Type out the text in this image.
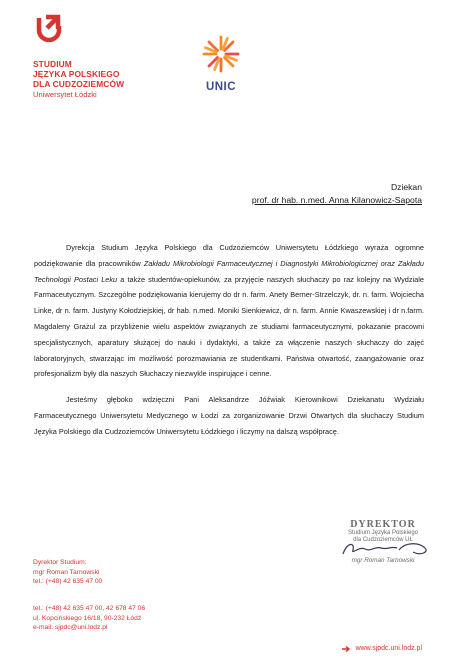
STUDIUM
JĘZYKA POLSKIEGO
DLA CUDZOZIEMCÓW
Uniwersytet Łódzki
UNIC
Dziekan
prof. dr hab. n.med. Anna Kilanowicz-Sapota

Dyrekcja Studium Języka Polskiego dla Cudzoziemców Uniwersytetu Łódzkiego wyraża ogromne podziękowanie dla pracowników Zakładu Mikrobiologii Farmaceutycznej i Diagnostyki Mikrobiologicznej oraz Zakładu Technologii Postaci Leku a także studentów-opiekunów, za przyjęcie naszych słuchaczy po raz kolejny na Wydziale Farmaceutycznym. Szczególne podziękowania kierujemy do dr n. farm. Anety Berner-Strzelczyk, dr. n. farm. Wojciecha Linke, dr n. farm. Justyny Kołodziejskiej, dr hab. n.med. Moniki Sienkiewicz, dr n. farm. Annie Kwaszewskiej i dr n.farm. Magdaleny Grażul za przybliżenie wielu aspektów związanych ze studiami farmaceutycznymi, pokazanie pracowni specjalistycznych, aparatury służącej do nauki i dydaktyki, a także za włączenie naszych słuchaczy do zajęć laboratoryjnych, stwarzając im możliwość porozmawiania ze studentkami. Państwa otwartość, zaangażowanie oraz profesjonalizm były dla naszych Słuchaczy niezwykle inspirujące i cenne.

Jesteśmy głęboko wdzięczni Pani Aleksandrze Jóźwiak Kierownikowi Dziekanatu Wydziału Farmaceutycznego Uniwersytetu Medycznego w Łodzi za zorganizowanie Drzwi Otwartych dla słuchaczy Studium Języka Polskiego dla Cudzoziemców Uniwersytetu Łódzkiego i liczymy na dalszą współpracę.

DYREKTOR
Studium Języka Polskiego
dla Cudzoziemców UŁ
mgr Roman Tarnowski
Dyrektor Studium:
mgr Roman Tarnowski
tel.: (+48) 42 635 47 00
tel.: (+48) 42 635 47 00, 42 678 47 06
ul. Kopcińskiego 16/18, 90-232 Łódź
e-mail: sjpdc@uni.lodz.pl
www.sjpdc.uni.lodz.pl
